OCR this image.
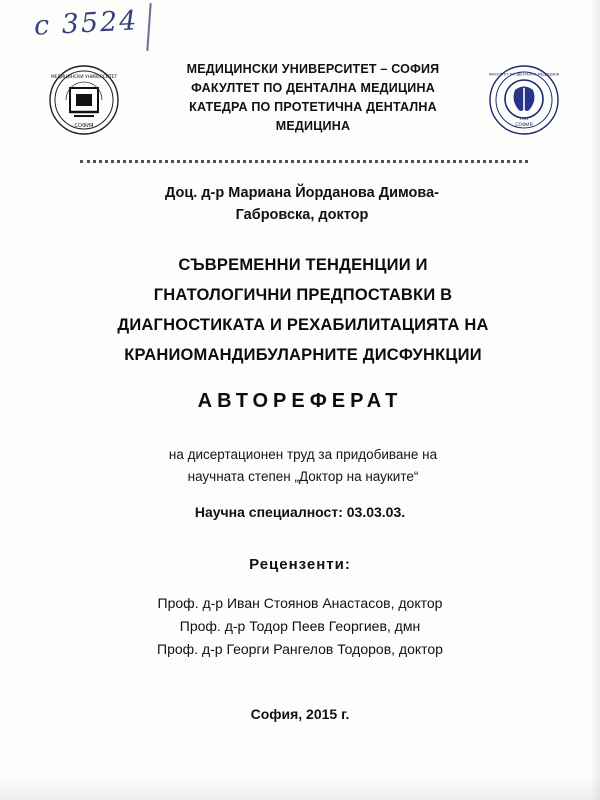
c 3524
МЕДИЦИНСКИ УНИВЕРСИТЕТ
СОФИЯ
МЕДИЦИНСКИ УНИВЕРСИТЕТ – СОФИЯ
ФАКУЛТЕТ ПО ДЕНТАЛНА МЕДИЦИНА
КАТЕДРА ПО ПРОТЕТИЧНА ДЕНТАЛНА
МЕДИЦИНА
ФАКУЛТЕТ ПО ДЕНТАЛНА МЕДИЦИНА
СОФИЯ
1942
Доц. д-р Мариана Йорданова Димова-
Габровска, доктор
СЪВРЕМЕННИ ТЕНДЕНЦИИ И
ГНАТОЛОГИЧНИ ПРЕДПОСТАВКИ В
ДИАГНОСТИКАТА И РЕХАБИЛИТАЦИЯТА НА
КРАНИОМАНДИБУЛАРНИТЕ ДИСФУНКЦИИ
АВТОРЕФЕРАТ
на дисертационен труд за придобиване на
научната степен „Доктор на науките“
Научна специалност: 03.03.03.
Рецензенти:
Проф. д-р Иван Стоянов Анастасов, доктор
Проф. д-р Тодор Пеев Георгиев, дмн
Проф. д-р Георги Рангелов Тодоров, доктор
София, 2015 г.
